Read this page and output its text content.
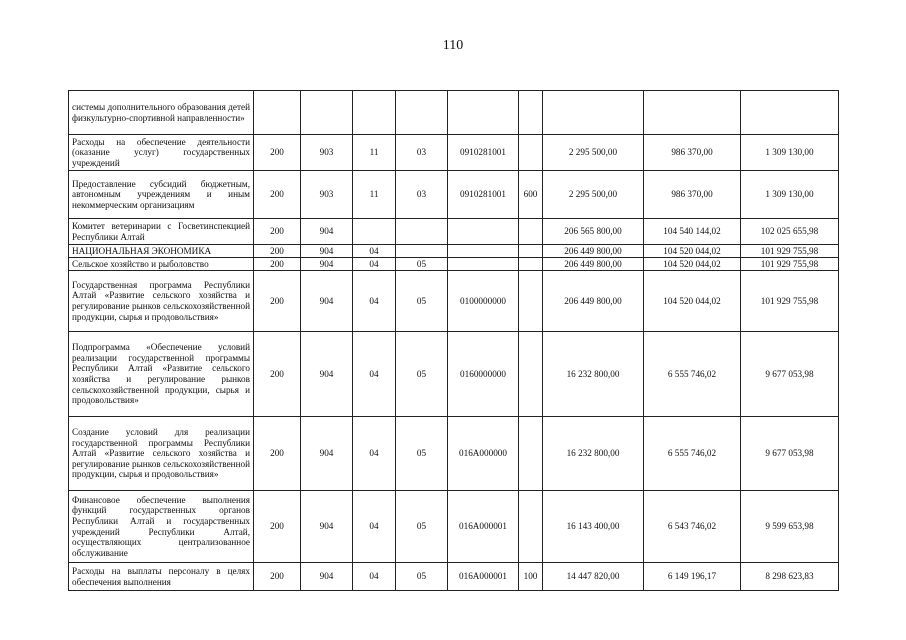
110
системы дополнительного образования детей физкультурно-спортивной направленности»									
Расходы на обеспечение деятельности (оказание услуг) государственных учреждений	200	903	11	03	0910281001		2 295 500,00	986 370,00	1 309 130,00
Предоставление субсидий бюджетным, автономным учреждениям и иным некоммерческим организациям	200	903	11	03	0910281001	600	2 295 500,00	986 370,00	1 309 130,00
Комитет ветеринарии с Госветинспекцией Республики Алтай	200	904					206 565 800,00	104 540 144,02	102 025 655,98
НАЦИОНАЛЬНАЯ ЭКОНОМИКА	200	904	04				206 449 800,00	104 520 044,02	101 929 755,98
Сельское хозяйство и рыболовство	200	904	04	05			206 449 800,00	104 520 044,02	101 929 755,98
Государственная программа Республики Алтай «Развитие сельского хозяйства и регулирование рынков сельскохозяйственной продукции, сырья и продовольствия»	200	904	04	05	0100000000		206 449 800,00	104 520 044,02	101 929 755,98
Подпрограмма «Обеспечение условий реализации государственной программы Республики Алтай «Развитие сельского хозяйства и регулирование рынков сельскохозяйственной продукции, сырья и продовольствия»	200	904	04	05	0160000000		16 232 800,00	6 555 746,02	9 677 053,98
Создание условий для реализации государственной программы Республики Алтай «Развитие сельского хозяйства и регулирование рынков сельскохозяйственной продукции, сырья и продовольствия»	200	904	04	05	016А000000		16 232 800,00	6 555 746,02	9 677 053,98
Финансовое обеспечение выполнения функций государственных органов Республики Алтай и государственных учреждений Республики Алтай, осуществляющих централизованное обслуживание	200	904	04	05	016А000001		16 143 400,00	6 543 746,02	9 599 653,98
Расходы на выплаты персоналу в целях обеспечения выполнения	200	904	04	05	016А000001	100	14 447 820,00	6 149 196,17	8 298 623,83
